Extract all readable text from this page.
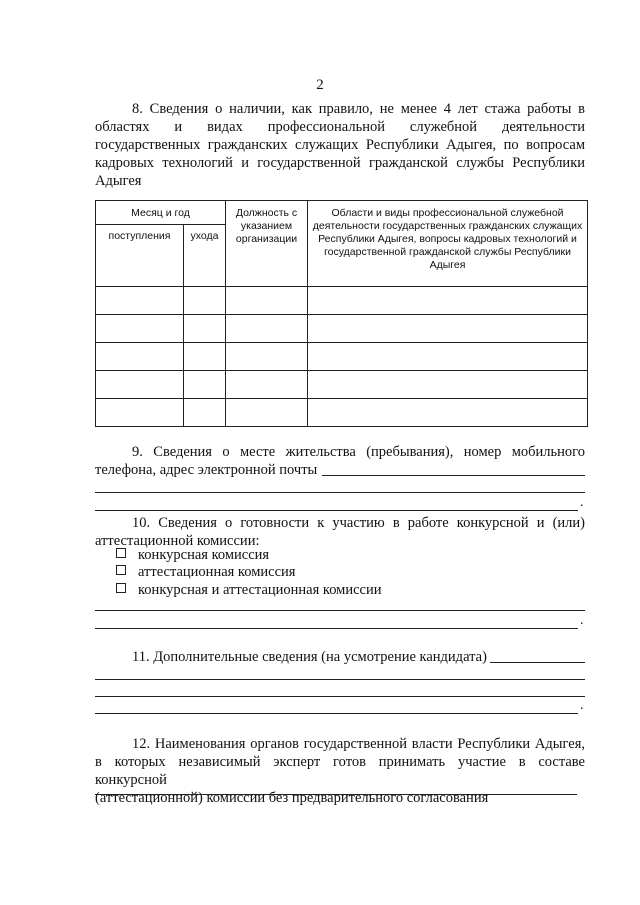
2
8. Сведения о наличии, как правило, не менее 4 лет стажа работы в
областях и видах профессиональной служебной деятельности
государственных гражданских служащих Республики Адыгея, по вопросам
кадровых технологий и государственной гражданской службы Республики
Адыгея
Месяц и год		Должность с указанием организации	Области и виды профессиональной служебной деятельности государственных гражданских служащих Республики Адыгея, вопросы кадровых технологий и государственной гражданской службы Республики Адыгея
поступления	ухода		

9. Сведения о месте жительства (пребывания), номер мобильного
телефона, адрес электронной почты
.
10. Сведения о готовности к участию в работе конкурсной и (или)
аттестационной комиссии:
конкурсная комиссия
аттестационная комиссия
конкурсная и аттестационная комиссии
.
11. Дополнительные сведения (на усмотрение кандидата)
.
12. Наименования органов государственной власти Республики Адыгея,
в которых независимый эксперт готов принимать участие в составе конкурсной
(аттестационной) комиссии без предварительного согласования
